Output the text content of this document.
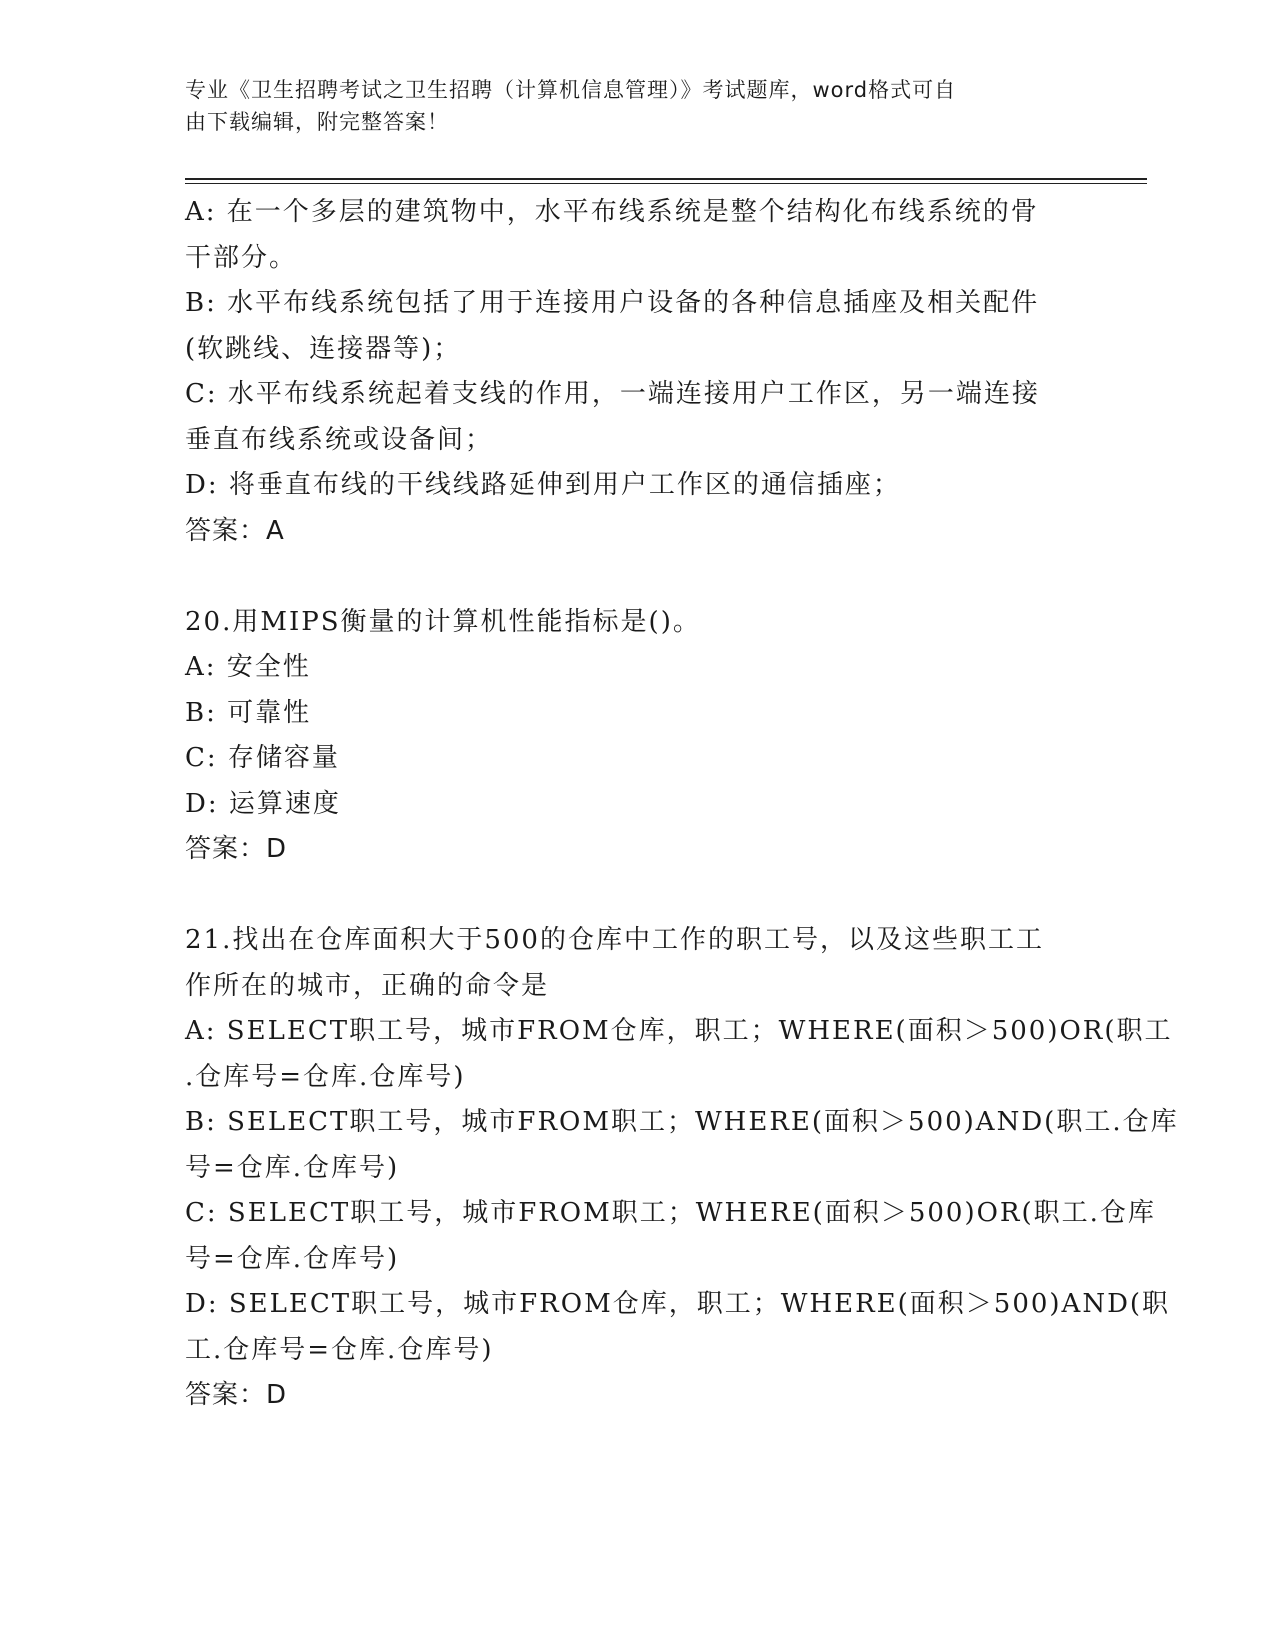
专业《卫生招聘考试之卫生招聘（计算机信息管理）》考试题库，word格式可自
由下载编辑，附完整答案！
A: 在一个多层的建筑物中，水平布线系统是整个结构化布线系统的骨
干部分。
B: 水平布线系统包括了用于连接用户设备的各种信息插座及相关配件
(软跳线、连接器等)；
C: 水平布线系统起着支线的作用，一端连接用户工作区，另一端连接
垂直布线系统或设备间；
D: 将垂直布线的干线线路延伸到用户工作区的通信插座；
答案：A
20.用MIPS衡量的计算机性能指标是()。
A: 安全性
B: 可靠性
C: 存储容量
D: 运算速度
答案：D
21.找出在仓库面积大于500的仓库中工作的职工号，以及这些职工工
作所在的城市，正确的命令是
A: SELECT职工号，城市FROM仓库，职工；WHERE(面积＞500)OR(职工
.仓库号=仓库.仓库号)
B: SELECT职工号，城市FROM职工；WHERE(面积＞500)AND(职工.仓库
号=仓库.仓库号)
C: SELECT职工号，城市FROM职工；WHERE(面积＞500)OR(职工.仓库
号=仓库.仓库号)
D: SELECT职工号，城市FROM仓库，职工；WHERE(面积＞500)AND(职
工.仓库号=仓库.仓库号)
答案：D
